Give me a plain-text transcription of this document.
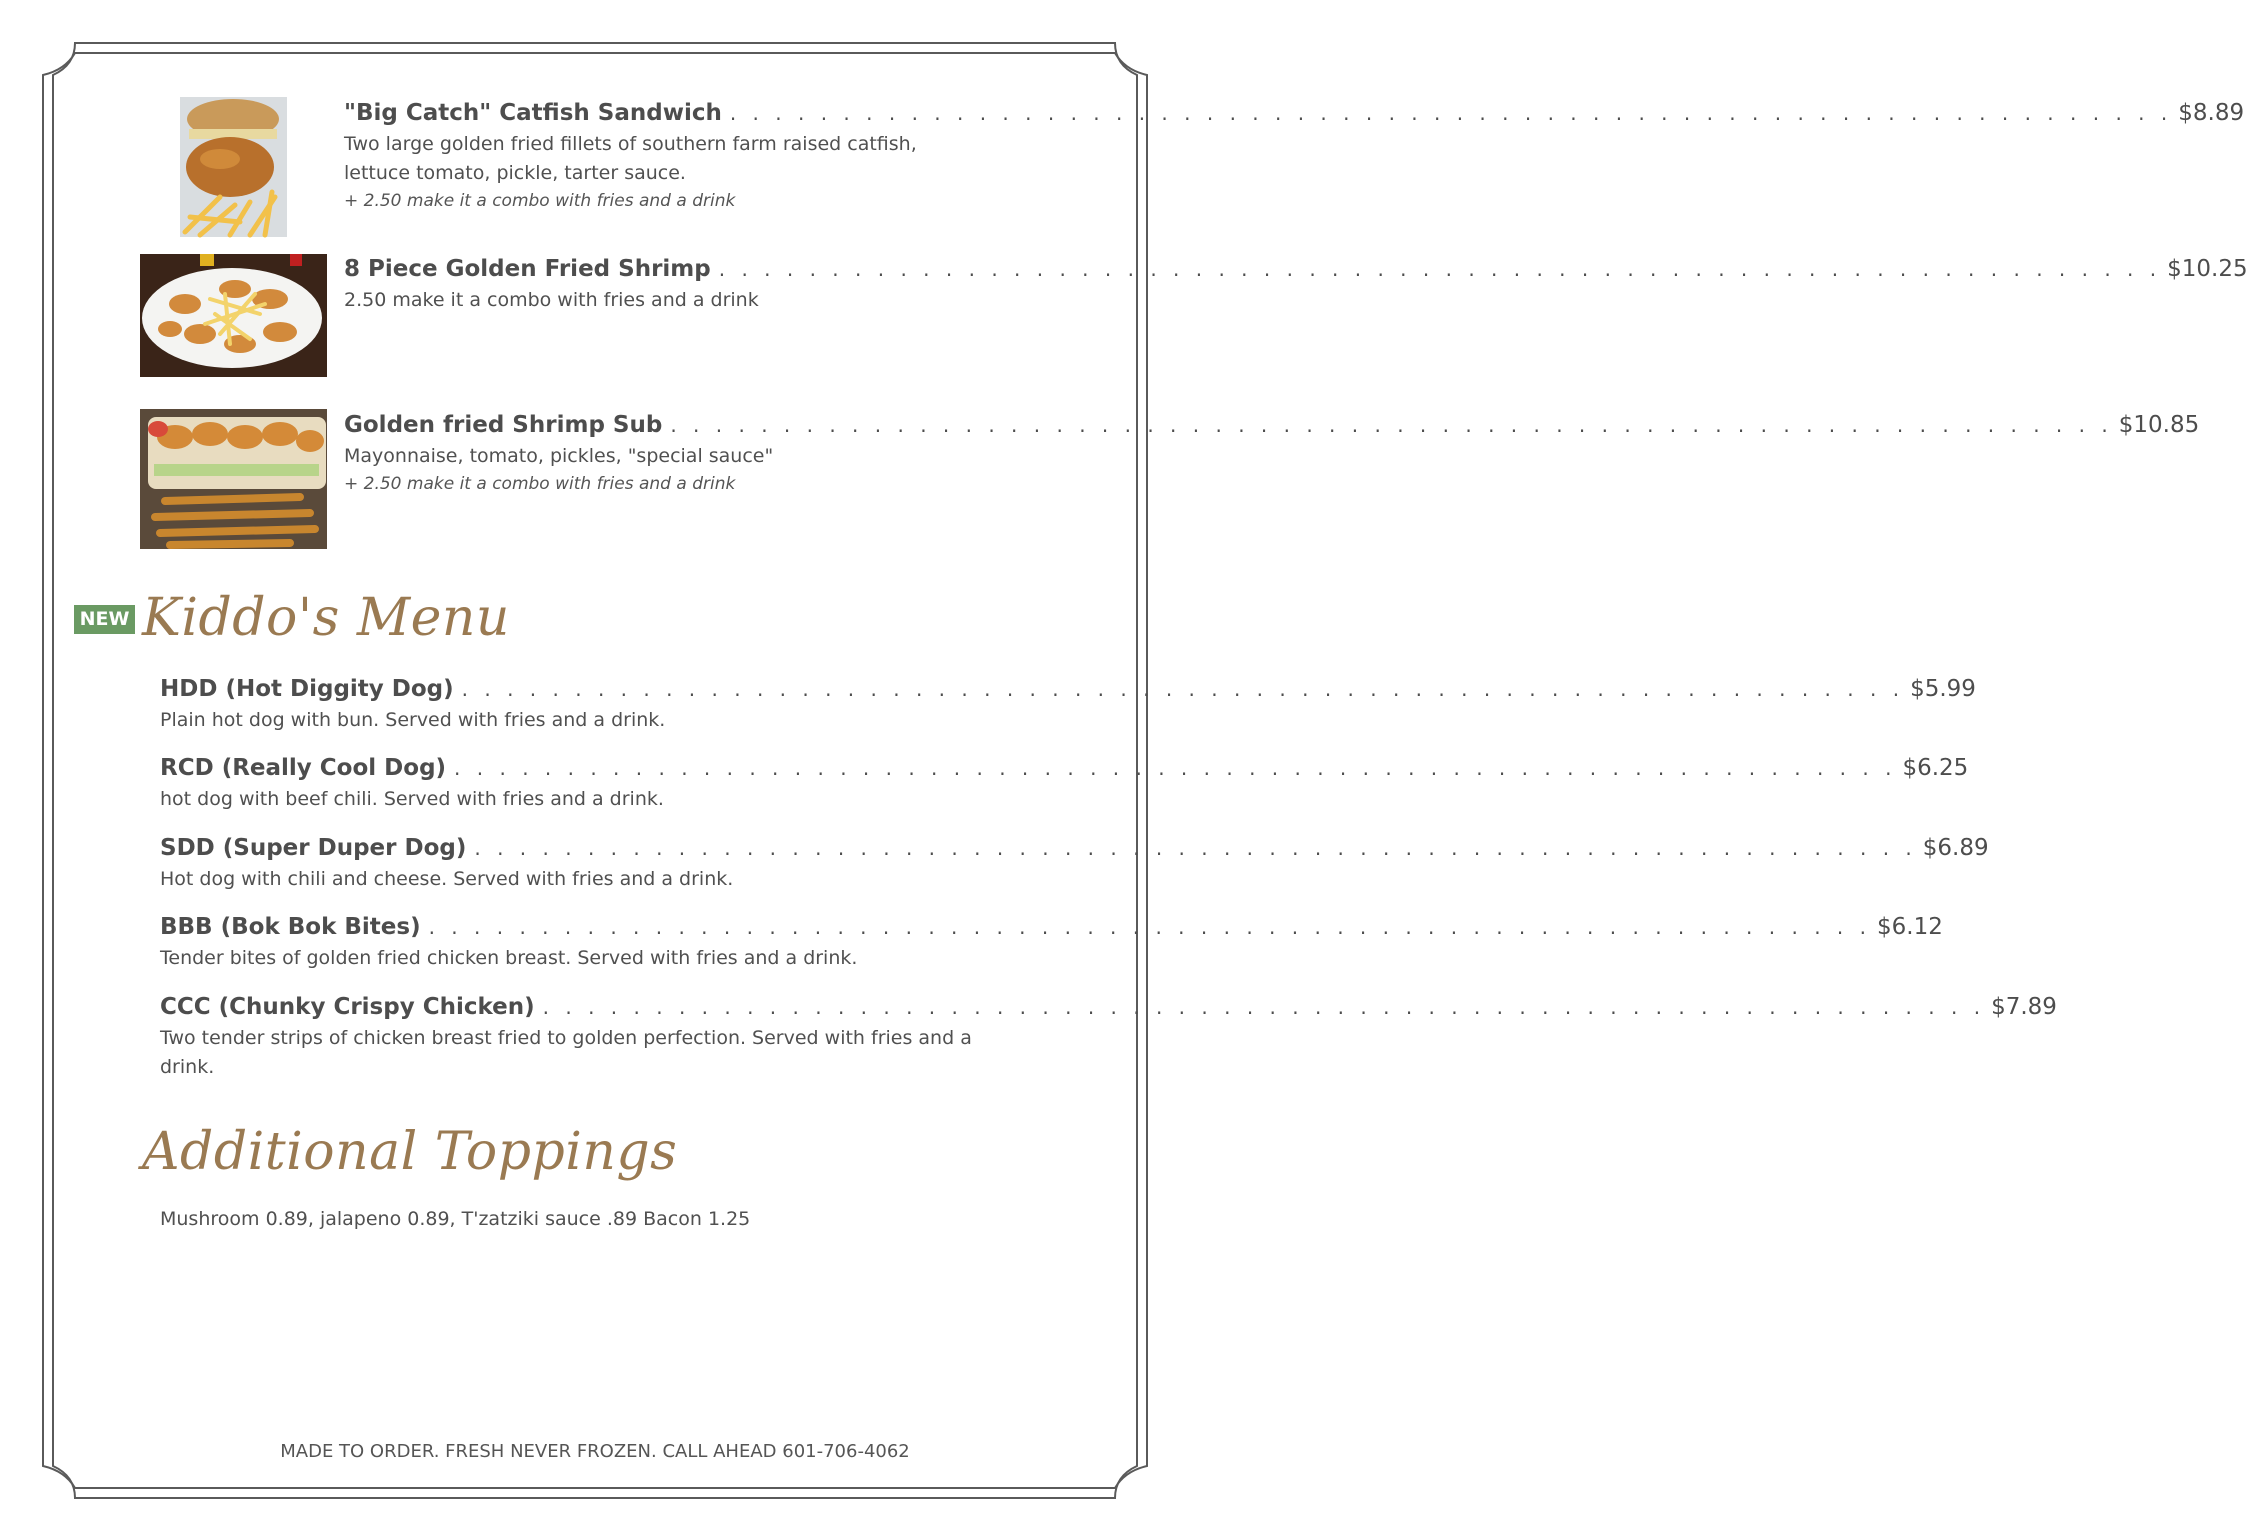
"Big Catch" Catfish Sandwich . . . . . . . . . . . . . . . . . . . . . . . . . . . . . . . . . . . . . . . . . . . . . . . . . . . . . . . . . . . . . . . . $8.89
Two large golden fried fillets of southern farm raised catfish, lettuce tomato, pickle, tarter sauce.
+ 2.50 make it a combo with fries and a drink
8 Piece Golden Fried Shrimp . . . . . . . . . . . . . . . . . . . . . . . . . . . . . . . . . . . . . . . . . . . . . . . . . . . . . . . . . . . . . . . . $10.25
2.50 make it a combo with fries and a drink
Golden fried Shrimp Sub . . . . . . . . . . . . . . . . . . . . . . . . . . . . . . . . . . . . . . . . . . . . . . . . . . . . . . . . . . . . . . . . $10.85
Mayonnaise, tomato, pickles, "special sauce"
+ 2.50 make it a combo with fries and a drink
NEW Kiddo's Menu
HDD (Hot Diggity Dog) . . . . . . . . . . . . . . . . . . . . . . . . . . . . . . . . . . . . . . . . . . . . . . . . . . . . . . . . . . . . . . . . $5.99
Plain hot dog with bun. Served with fries and a drink.
RCD (Really Cool Dog) . . . . . . . . . . . . . . . . . . . . . . . . . . . . . . . . . . . . . . . . . . . . . . . . . . . . . . . . . . . . . . . . $6.25
hot dog with beef chili. Served with fries and a drink.
SDD (Super Duper Dog) . . . . . . . . . . . . . . . . . . . . . . . . . . . . . . . . . . . . . . . . . . . . . . . . . . . . . . . . . . . . . . . . $6.89
Hot dog with chili and cheese. Served with fries and a drink.
BBB (Bok Bok Bites) . . . . . . . . . . . . . . . . . . . . . . . . . . . . . . . . . . . . . . . . . . . . . . . . . . . . . . . . . . . . . . . . $6.12
Tender bites of golden fried chicken breast. Served with fries and a drink.
CCC (Chunky Crispy Chicken) . . . . . . . . . . . . . . . . . . . . . . . . . . . . . . . . . . . . . . . . . . . . . . . . . . . . . . . . . . . . . . . . $7.89
Two tender strips of chicken breast fried to golden perfection. Served with fries and a drink.
Additional Toppings
Mushroom 0.89, jalapeno 0.89, T'zatziki sauce .89 Bacon 1.25
MADE TO ORDER. FRESH NEVER FROZEN. CALL AHEAD 601-706-4062
